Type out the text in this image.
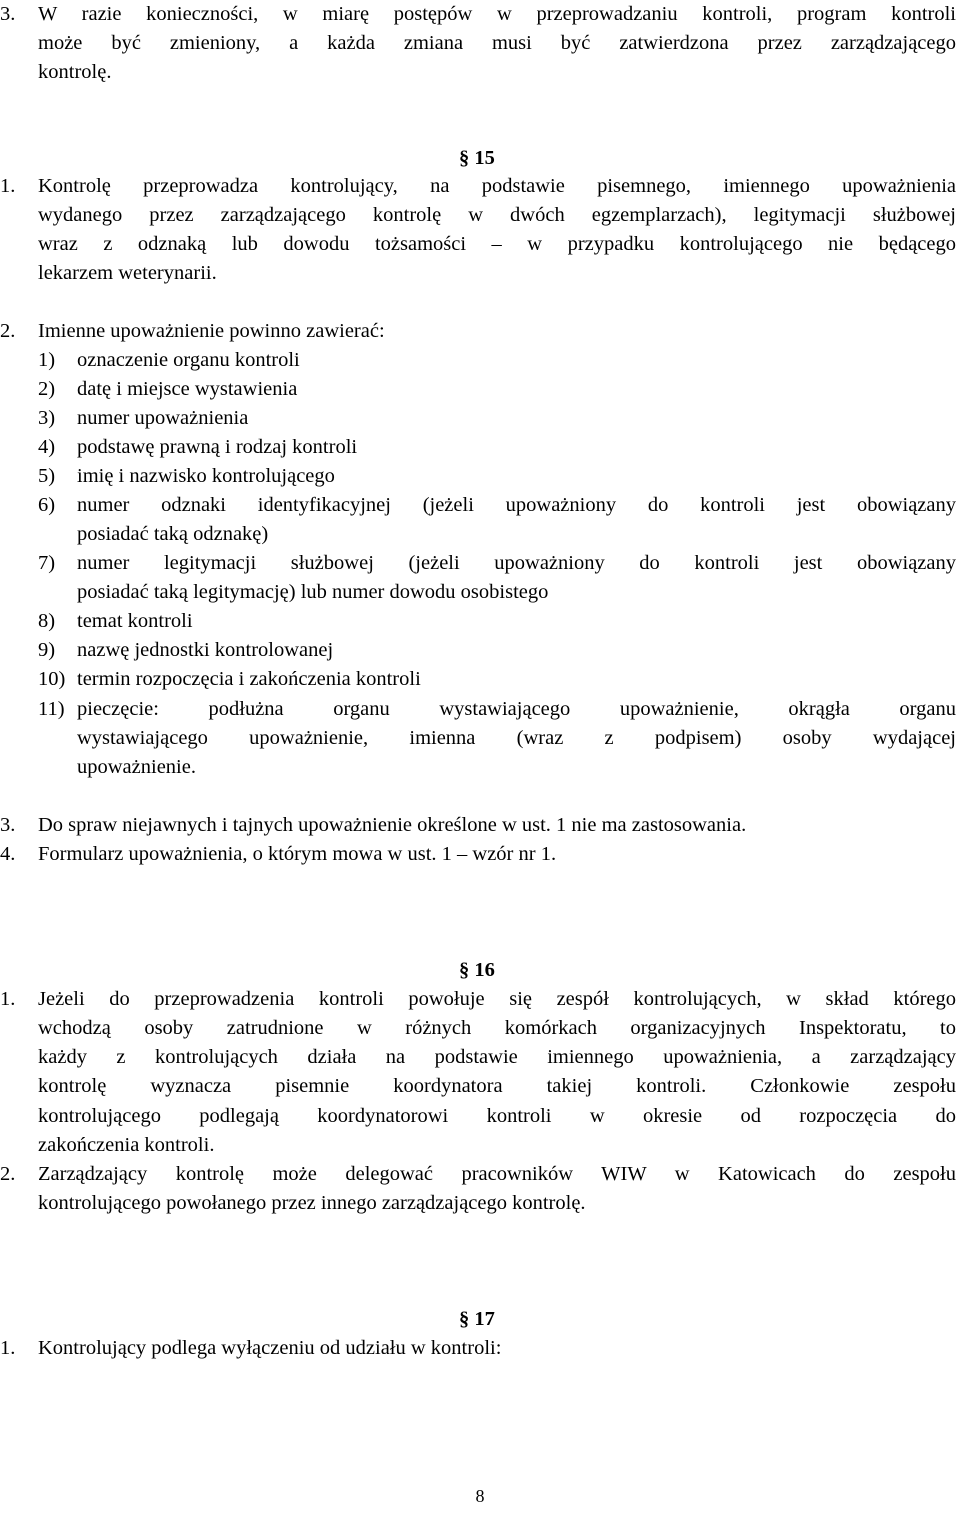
3. W razie konieczności, w miarę postępów w przeprowadzaniu kontroli, program kontroli
może być zmieniony, a każda zmiana musi być zatwierdzona przez zarządzającego
kontrolę.
§ 15
1. Kontrolę przeprowadza kontrolujący, na podstawie pisemnego, imiennego upoważnienia
wydanego przez zarządzającego kontrolę w dwóch egzemplarzach), legitymacji służbowej
wraz z odznaką lub dowodu tożsamości – w przypadku kontrolującego nie będącego
lekarzem weterynarii.
2. Imienne upoważnienie powinno zawierać:
1) oznaczenie organu kontroli
2) datę i miejsce wystawienia
3) numer upoważnienia
4) podstawę prawną i rodzaj kontroli
5) imię i nazwisko kontrolującego
6) numer odznaki identyfikacyjnej (jeżeli upoważniony do kontroli jest obowiązany
posiadać taką odznakę)
7) numer legitymacji służbowej (jeżeli upoważniony do kontroli jest obowiązany
posiadać taką legitymację) lub numer dowodu osobistego
8) temat kontroli
9) nazwę jednostki kontrolowanej
10) termin rozpoczęcia i zakończenia kontroli
11) pieczęcie: podłużna organu wystawiającego upoważnienie, okrągła organu
wystawiającego upoważnienie, imienna (wraz z podpisem) osoby wydającej
upoważnienie.
3. Do spraw niejawnych i tajnych upoważnienie określone w ust. 1 nie ma zastosowania.
4. Formularz upoważnienia, o którym mowa w ust. 1 – wzór nr 1.
§ 16
1. Jeżeli do przeprowadzenia kontroli powołuje się zespół kontrolujących, w skład którego
wchodzą osoby zatrudnione w różnych komórkach organizacyjnych Inspektoratu, to
każdy z kontrolujących działa na podstawie imiennego upoważnienia, a zarządzający
kontrolę wyznacza pisemnie koordynatora takiej kontroli. Członkowie zespołu
kontrolującego podlegają koordynatorowi kontroli w okresie od rozpoczęcia do
zakończenia kontroli.
2. Zarządzający kontrolę może delegować pracowników WIW w Katowicach do zespołu
kontrolującego powołanego przez innego zarządzającego kontrolę.
§ 17
1. Kontrolujący podlega wyłączeniu od udziału w kontroli:
8
